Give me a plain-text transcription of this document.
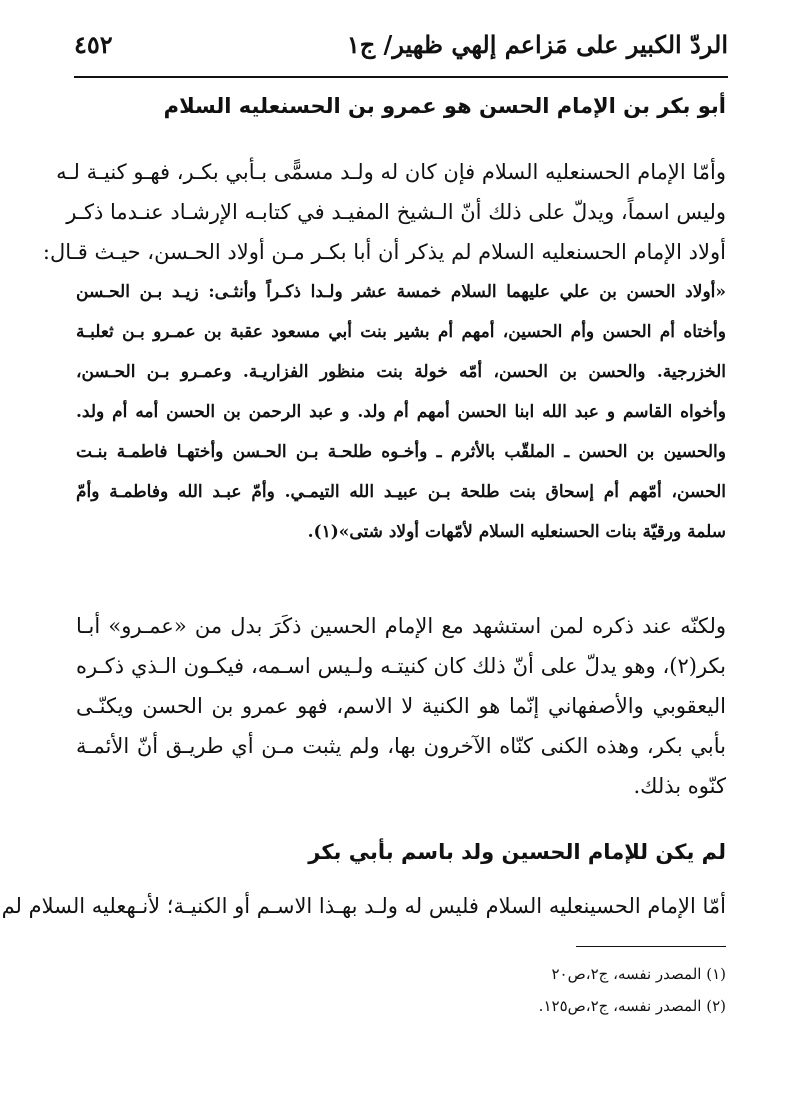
الردّ الكبير على مَزاعم إلهي ظهير/ ج١
٤٥٢
أبو بكر بن الإمام الحسن هو عمرو بن الحسنعليه السلام
وأمّا الإمام الحسنعليه السلام فإن كان له ولـد مسمًّى بـأبي بكـر، فهـو كنيـة لـه
وليس اسماً، ويدلّ على ذلك أنّ الـشيخ المفيـد في كتابـه الإرشـاد عنـدما ذكـر
أولاد الإمام الحسنعليه السلام لم يذكر أن أبا بكـر مـن أولاد الحـسن، حيـث قـال:
«أولاد الحسن بن علي عليهما السلام خمسة عشر ولـدا ذكـراً وأنثـى: زيـد بـن الحـسن
وأختاه أم الحسن وأم الحسين، أمهم أم بشير بنت أبي مسعود عقبة بن عمـرو بـن ثعلبـة
الخزرجية. والحسن بن الحسن، أمّه خولة بنت منظور الفزاريـة. وعمـرو بـن الحـسن،
وأخواه القاسم و عبد الله ابنا الحسن أمهم أم ولد. و عبد الرحمن بن الحسن أمه أم ولد.
والحسين بن الحسن ـ الملقّب بالأثرم ـ وأخـوه طلحـة بـن الحـسن وأختهـا فاطمـة بنـت
الحسن، أمّهم أم إسحاق بنت طلحة بـن عبيـد الله التيمـي. وأمّ عبـد الله وفاطمـة وأمّ
سلمة ورقيّة بنات الحسنعليه السلام لأمّهات أولاد شتى»(١).
ولكنّه عند ذكره لمن استشهد مع الإمام الحسين ذكَرَ بدل من «عمـرو» أبـا
بكر(٢)، وهو يدلّ على أنّ ذلك كان كنيتـه ولـيس اسـمه، فيكـون الـذي ذكـره
اليعقوبي والأصفهاني إنّما هو الكنية لا الاسم، فهو عمرو بن الحسن ويكنّـى
بأبي بكر، وهذه الكنى كنّاه الآخرون بها، ولم يثبت مـن أي طريـق أنّ الأئمـة
كنّوه بذلك.
لم يكن للإمام الحسين ولد باسم بأبي بكر
أمّا الإمام الحسينعليه السلام فليس له ولـد بهـذا الاسـم أو الكنيـة؛ لأنـهعليه السلام لم
(١) المصدر نفسه، ج٢،ص٢٠
(٢) المصدر نفسه، ج٢،ص١٢٥.
